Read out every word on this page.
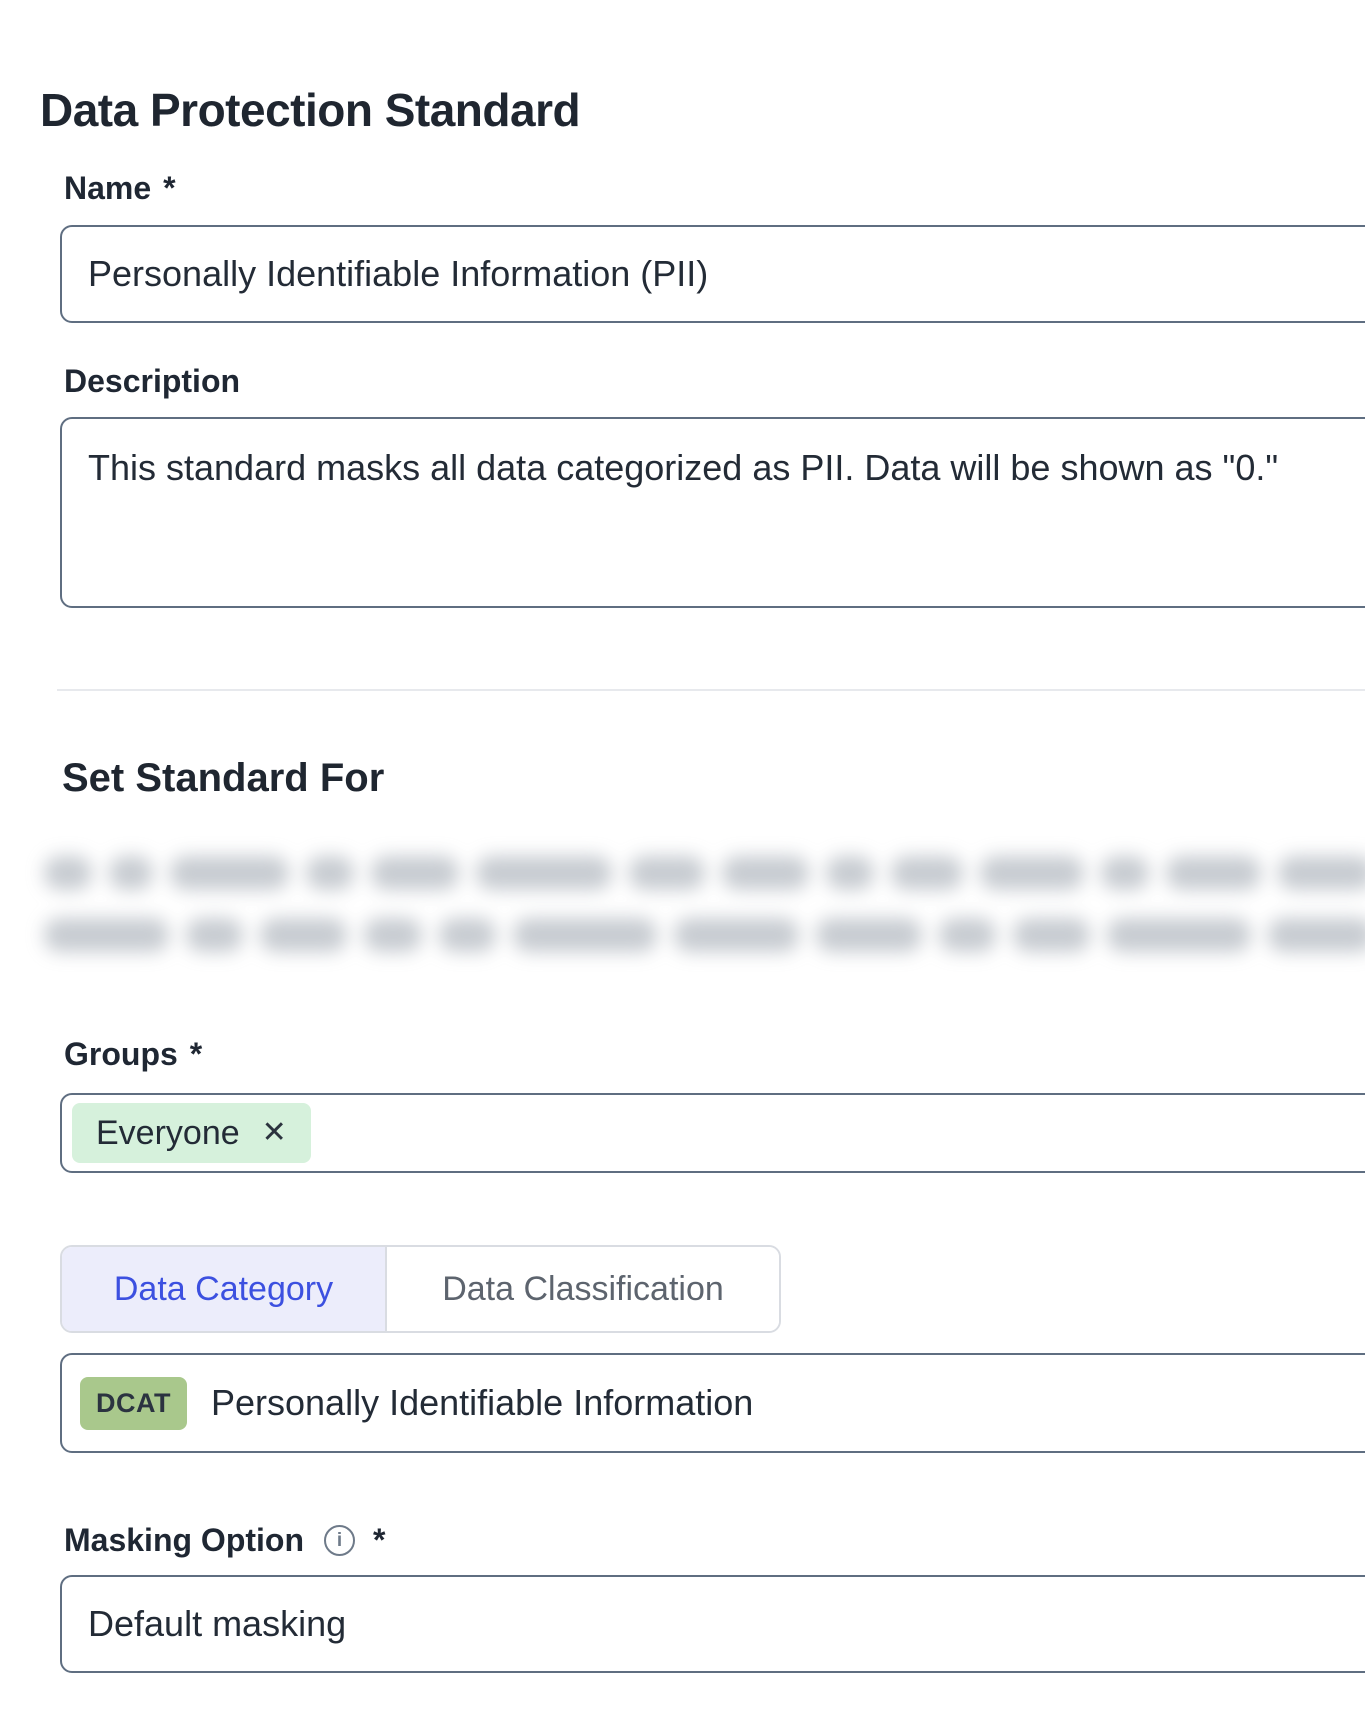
Data Protection Standard
Name *
Personally Identifiable Information (PII)
Description
This standard masks all data categorized as PII. Data will be shown as "0."
Set Standard For
Groups *
Everyone ✕
Data Category	Data Classification
DCAT	Personally Identifiable Information
Masking Option	i *
Default masking
